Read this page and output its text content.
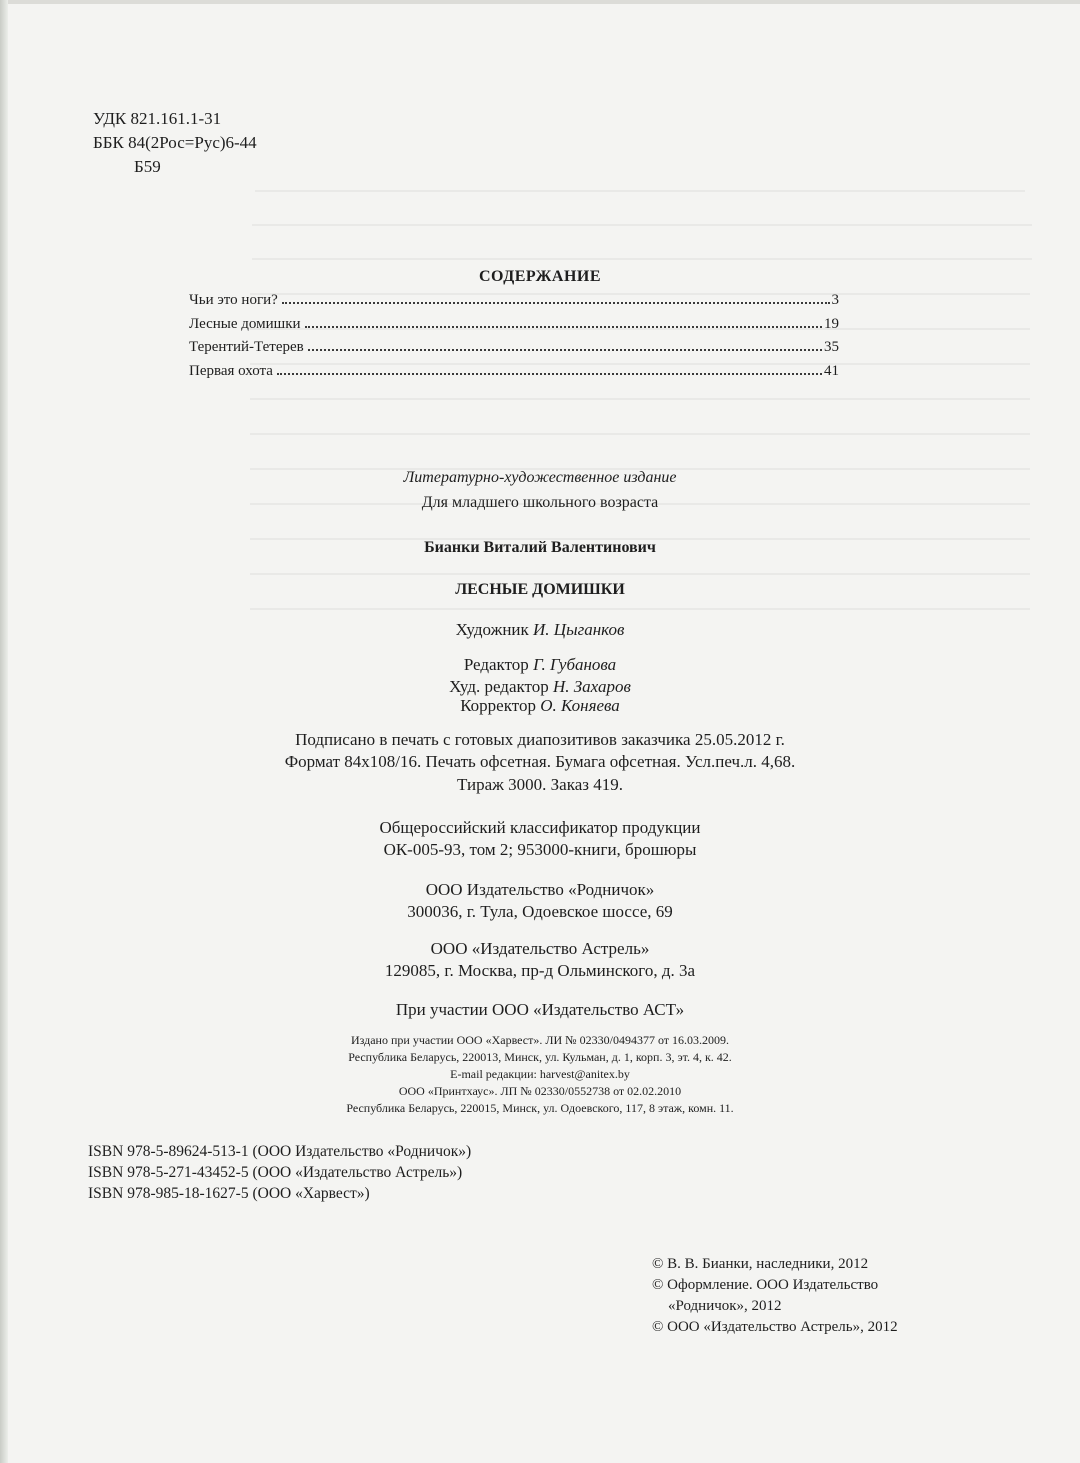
УДК 821.161.1-31
ББК 84(2Рос=Рус)6-44
Б59
СОДЕРЖАНИЕ
Чьи это ноги?	3
Лесные домишки	19
Терентий-Тетерев	35
Первая охота	41
Литературно-художественное издание
Для младшего школьного возраста
Бианки Виталий Валентинович
ЛЕСНЫЕ ДОМИШКИ
Художник И. Цыганков
Редактор Г. Губанова
Худ. редактор Н. Захаров
Корректор О. Коняева
Подписано в печать с готовых диапозитивов заказчика 25.05.2012 г.
Формат 84х108/16. Печать офсетная. Бумага офсетная. Усл.печ.л. 4,68.
Тираж 3000. Заказ 419.
Общероссийский классификатор продукции
ОК-005-93, том 2; 953000-книги, брошюры
ООО Издательство «Родничок»
300036, г. Тула, Одоевское шоссе, 69
ООО «Издательство Астрель»
129085, г. Москва, пр-д Ольминского, д. 3а
При участии ООО «Издательство АСТ»
Издано при участии ООО «Харвест». ЛИ № 02330/0494377 от 16.03.2009.
Республика Беларусь, 220013, Минск, ул. Кульман, д. 1, корп. 3, эт. 4, к. 42.
E-mail редакции: harvest@anitex.by
ООО «Принтхаус». ЛП № 02330/0552738 от 02.02.2010
Республика Беларусь, 220015, Минск, ул. Одоевского, 117, 8 этаж, комн. 11.
ISBN 978-5-89624-513-1 (ООО Издательство «Родничок»)
ISBN 978-5-271-43452-5 (ООО «Издательство Астрель»)
ISBN 978-985-18-1627-5 (ООО «Харвест»)
© В. В. Бианки, наследники, 2012
© Оформление. ООО Издательство
«Родничок», 2012
© ООО «Издательство Астрель», 2012
